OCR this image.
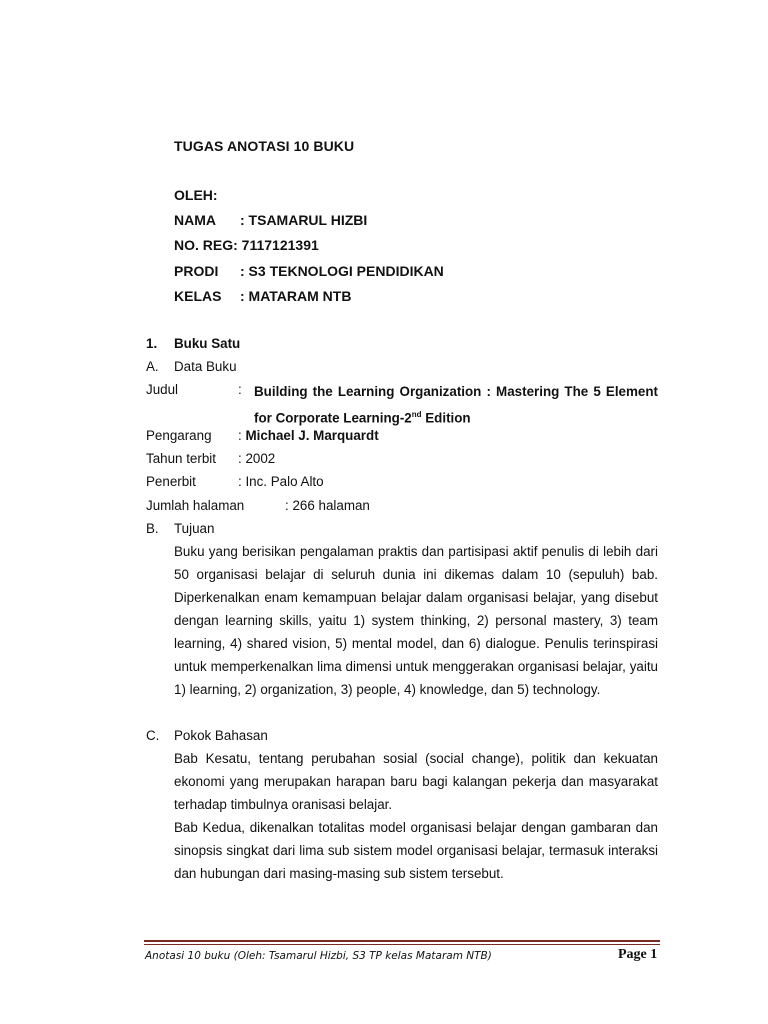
TUGAS ANOTASI 10 BUKU
OLEH:
NAMA : TSAMARUL HIZBI
NO. REG: 7117121391
PRODI : S3 TEKNOLOGI PENDIDIKAN
KELAS : MATARAM NTB
1. Buku Satu
A. Data Buku
Judul	: Building the Learning Organization : Mastering The 5 Element for Corporate Learning-2nd Edition
Pengarang : Michael J. Marquardt
Tahun terbit : 2002
Penerbit	: Inc. Palo Alto
Jumlah halaman	: 266 halaman
B. Tujuan

Buku yang berisikan pengalaman praktis dan partisipasi aktif penulis di lebih dari 50 organisasi belajar di seluruh dunia ini dikemas dalam 10 (sepuluh) bab. Diperkenalkan enam kemampuan belajar dalam organisasi belajar, yang disebut dengan learning skills, yaitu 1) system thinking, 2) personal mastery, 3) team learning, 4) shared vision, 5) mental model, dan 6) dialogue. Penulis terinspirasi untuk memperkenalkan lima dimensi untuk menggerakan organisasi belajar, yaitu 1) learning, 2) organization, 3) people, 4) knowledge, dan 5) technology.

C. Pokok Bahasan

Bab Kesatu, tentang perubahan sosial (social change), politik dan kekuatan ekonomi yang merupakan harapan baru bagi kalangan pekerja dan masyarakat terhadap timbulnya oranisasi belajar.

Bab Kedua, dikenalkan totalitas model organisasi belajar dengan gambaran dan sinopsis singkat dari lima sub sistem model organisasi belajar, termasuk interaksi dan hubungan dari masing-masing sub sistem tersebut.

Anotasi 10 buku (Oleh: Tsamarul Hizbi, S3 TP kelas Mataram NTB)	Page 1
